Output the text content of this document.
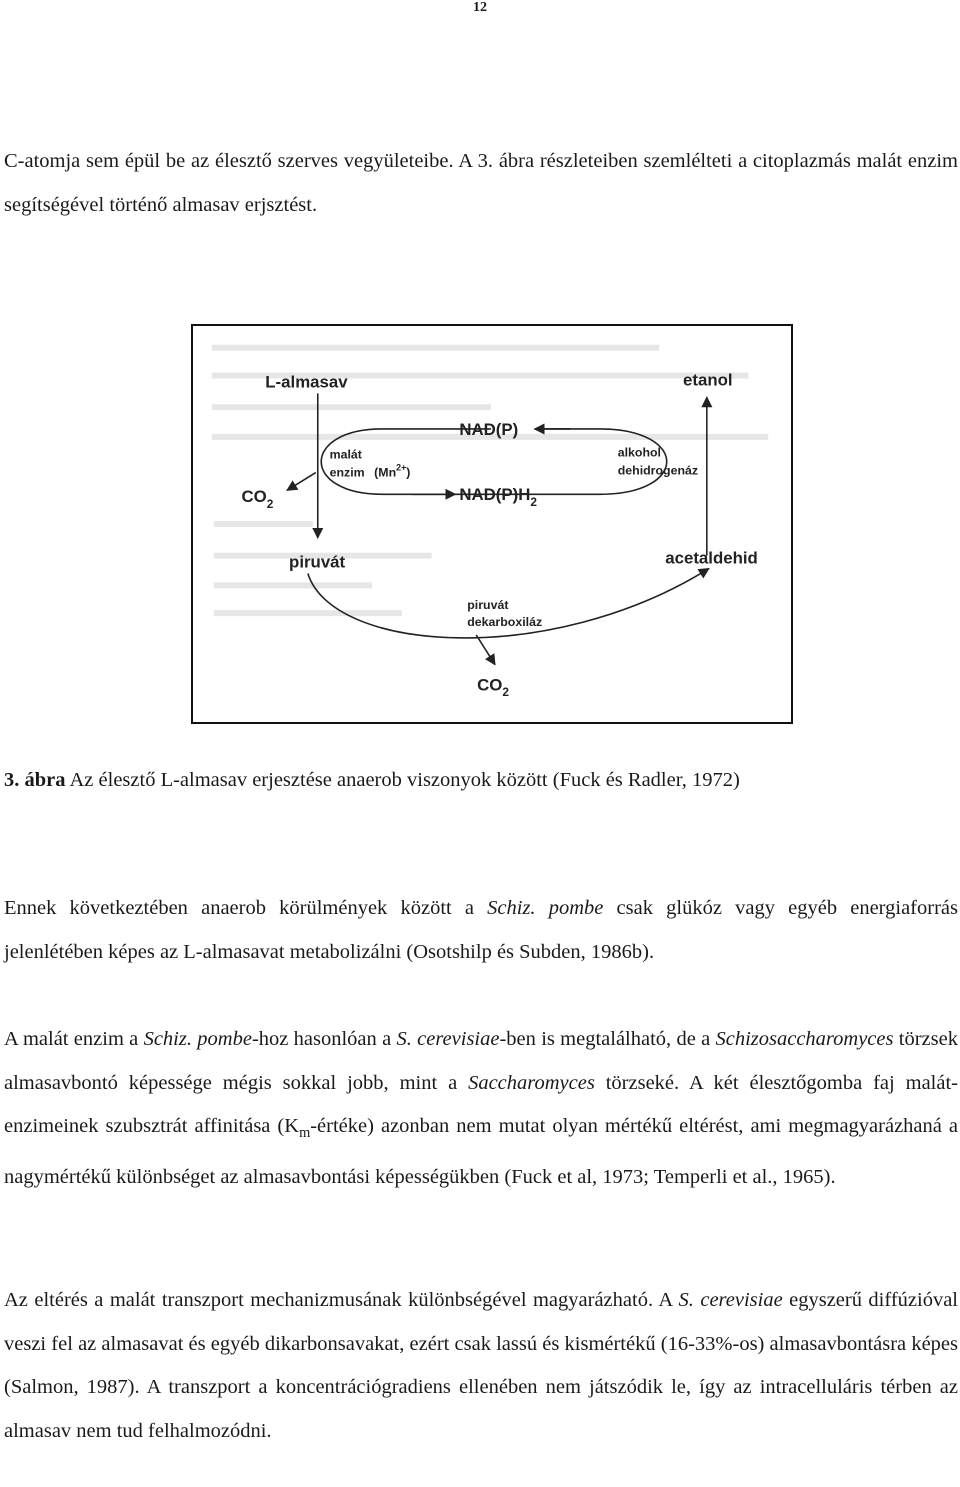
12

C-atomja sem épül be az élesztő szerves vegyületeibe. A 3. ábra részleteiben szemlélteti a citoplazmás malát enzim segítségével történő almasav erjsztést.

L-almasav	etanol
NAD(P)
$NAD(P)H_2$
malát
enzim $(Mn^{2+})$
alkohol
dehidrogenáz
$CO_2$
piruvát	acetaldehid
piruvát
dekarboxiláz
$CO_2$

3. ábra Az élesztő L-almasav erjesztése anaerob viszonyok között (Fuck és Radler, 1972)

Ennek következtében anaerob körülmények között a Schiz. pombe csak glükóz vagy egyéb energiaforrás jelenlétében képes az L-almasavat metabolizálni (Osotshilp és Subden, 1986b).

A malát enzim a Schiz. pombe-hoz hasonlóan a S. cerevisiae-ben is megtalálható, de a Schizosaccharomyces törzsek almasavbontó képessége mégis sokkal jobb, mint a Saccharomyces törzseké. A két élesztőgomba faj malát-enzimeinek szubsztrát affinitása $(K_m-értéke)$ azonban nem mutat olyan mértékű eltérést, ami megmagyarázhaná a nagymértékű különbséget az almasavbontási képességükben (Fuck et al, 1973; Temperli et al., 1965).

Az eltérés a malát transzport mechanizmusának különbségével magyarázható. A S. cerevisiae egyszerű diffúzióval veszi fel az almasavat és egyéb dikarbonsavakat, ezért csak lassú és kismértékű (16-33%-os) almasavbontásra képes (Salmon, 1987). A transzport a koncentrációgradiens ellenében nem játszódik le, így az intracelluláris térben az almasav nem tud felhalmozódni.
